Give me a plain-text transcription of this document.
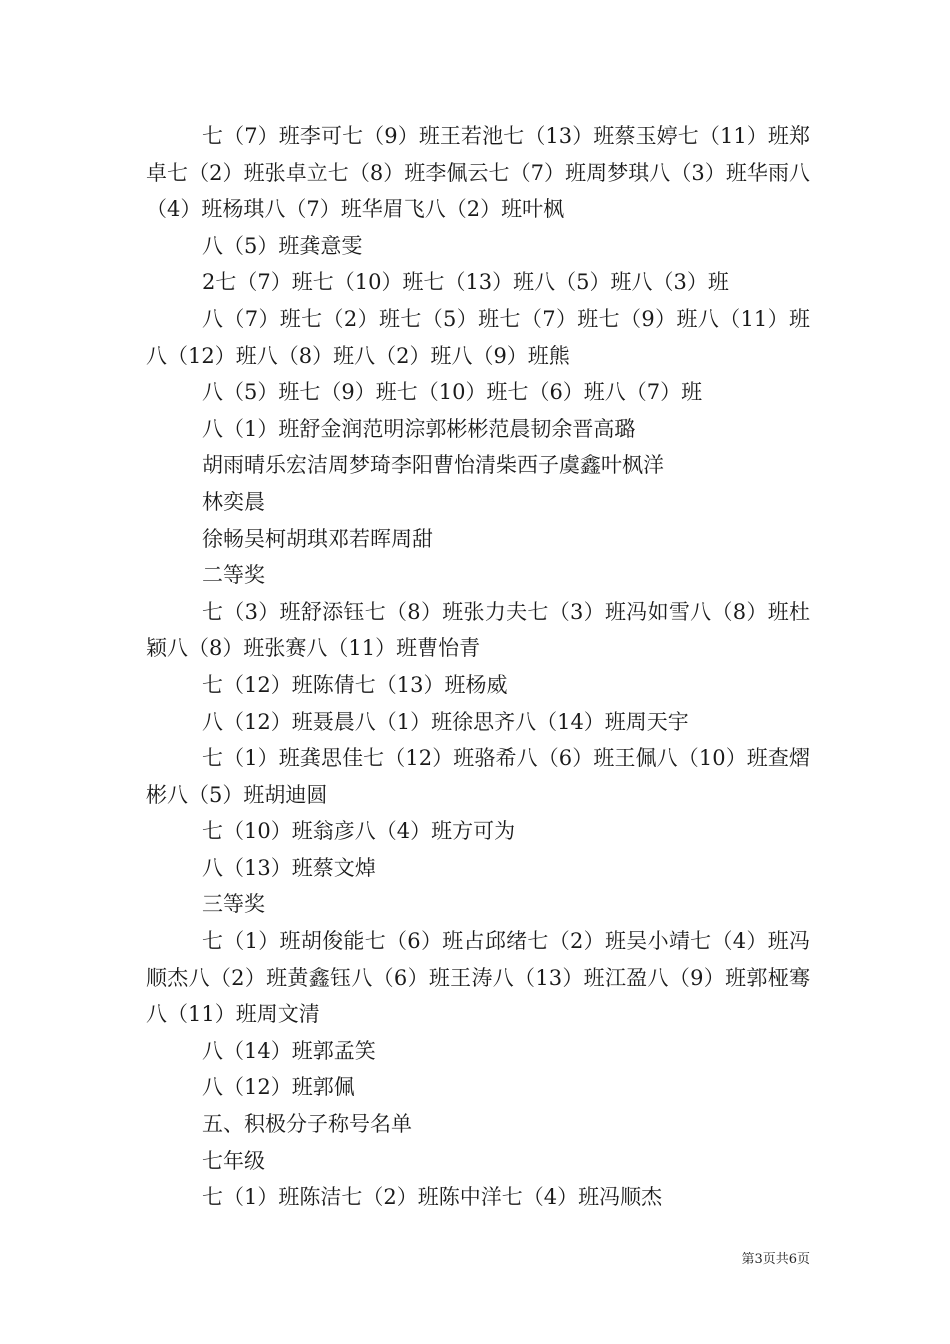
七（7）班李可七（9）班王若池七（13）班蔡玉婷七（11）班郑卓七（2）班张卓立七（8）班李佩云七（7）班周梦琪八（3）班华雨八（4）班杨琪八（7）班华眉飞八（2）班叶枫

八（5）班龚意雯

2七（7）班七（10）班七（13）班八（5）班八（3）班

八（7）班七（2）班七（5）班七（7）班七（9）班八（11）班八（12）班八（8）班八（2）班八（9）班熊

八（5）班七（9）班七（10）班七（6）班八（7）班

八（1）班舒金润范明淙郭彬彬范晨韧余晋高璐

胡雨晴乐宏洁周梦琦李阳曹怡清柴西子虞鑫叶枫洋

林奕晨

徐畅吴柯胡琪邓若晖周甜

二等奖

七（3）班舒添钰七（8）班张力夫七（3）班冯如雪八（8）班杜颖八（8）班张赛八（11）班曹怡青

七（12）班陈倩七（13）班杨威

八（12）班聂晨八（1）班徐思齐八（14）班周天宇

七（1）班龚思佳七（12）班骆希八（6）班王佩八（10）班查熠彬八（5）班胡迪圆

七（10）班翁彦八（4）班方可为

八（13）班蔡文焯

三等奖

七（1）班胡俊能七（6）班占邱绪七（2）班吴小靖七（4）班冯顺杰八（2）班黄鑫钰八（6）班王涛八（13）班江盈八（9）班郭桠骞八（11）班周文清

八（14）班郭孟笑

八（12）班郭佩

五、积极分子称号名单

七年级

七（1）班陈洁七（2）班陈中洋七（4）班冯顺杰

第3页共6页
